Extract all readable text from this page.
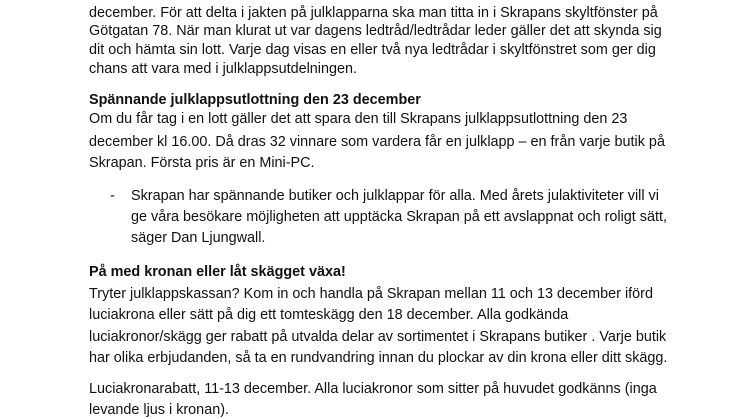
december. För att delta i jakten på julklapparna ska man titta in i Skrapans skyltfönster på
Götgatan 78. När man klurat ut var dagens ledtråd/ledtrådar leder gäller det att skynda sig
dit och hämta sin lott. Varje dag visas en eller två nya ledtrådar i skyltfönstret som ger dig
chans att vara med i julklappsutdelningen.
Spännande julklappsutlottning den 23 december
Om du får tag i en lott gäller det att spara den till Skrapans julklappsutlottning den 23
december kl 16.00. Då dras 32 vinnare som vardera får en julklapp – en från varje butik på
Skrapan. Första pris är en Mini-PC.
- Skrapan har spännande butiker och julklappar för alla. Med årets julaktiviteter vill vi
ge våra besökare möjligheten att upptäcka Skrapan på ett avslappnat och roligt sätt,
säger Dan Ljungwall.
På med kronan eller låt skägget växa!
Tryter julklappskassan? Kom in och handla på Skrapan mellan 11 och 13 december iförd
luciakrona eller sätt på dig ett tomteskägg den 18 december. Alla godkända
luciakronor/skägg ger rabatt på utvalda delar av sortimentet i Skrapans butiker . Varje butik
har olika erbjudanden, så ta en rundvandring innan du plockar av din krona eller ditt skägg.
Luciakronarabatt, 11-13 december. Alla luciakronor som sitter på huvudet godkänns (inga
levande ljus i kronan).
